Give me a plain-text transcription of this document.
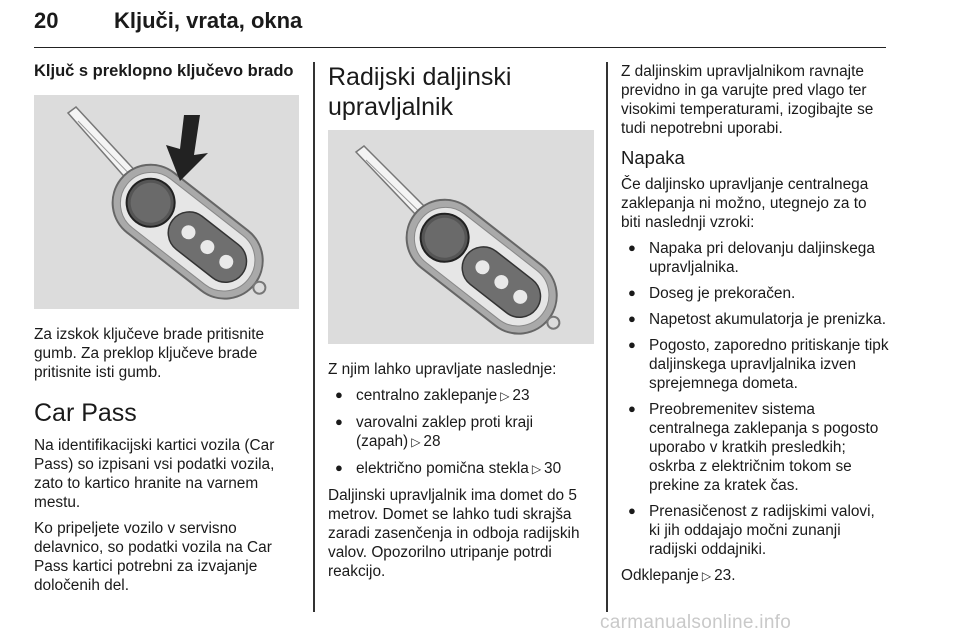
20	Ključi, vrata, okna
Ključ s preklopno ključevo brado

Za izskok ključeve brade pritisnite gumb. Za preklop ključeve brade pritisnite isti gumb.

Car Pass

Na identifikacijski kartici vozila (Car Pass) so izpisani vsi podatki vozila, zato to kartico hranite na varnem mestu.

Ko pripeljete vozilo v servisno delavnico, so podatki vozila na Car Pass kartici potrebni za izvajanje določenih del.

Radijski daljinski upravljalnik

Z njim lahko upravljate naslednje:

● centralno zaklepanje ▷ 23
● varovalni zaklep proti kraji (zapah) ▷ 28
● električno pomična stekla ▷ 30

Daljinski upravljalnik ima domet do 5 metrov. Domet se lahko tudi skrajša zaradi zasenčenja in odboja radijskih valov. Opozorilno utripanje potrdi reakcijo.

Z daljinskim upravljalnikom ravnajte previdno in ga varujte pred vlago ter visokimi temperaturami, izogibajte se tudi nepotrebni uporabi.

Napaka

Če daljinsko upravljanje centralnega zaklepanja ni možno, utegnejo za to biti naslednji vzroki:

● Napaka pri delovanju daljinskega upravljalnika.
● Doseg je prekoračen.
● Napetost akumulatorja je prenizka.
● Pogosto, zaporedno pritiskanje tipk daljinskega upravljalnika izven sprejemnega dometa.
● Preobremenitev sistema centralnega zaklepanja s pogosto uporabo v kratkih presledkih; oskrba z električnim tokom se prekine za kratek čas.
● Prenasičenost z radijskimi valovi, ki jih oddajajo močni zunanji radijski oddajniki.

Odklepanje ▷ 23.

carmanualsonline.info
